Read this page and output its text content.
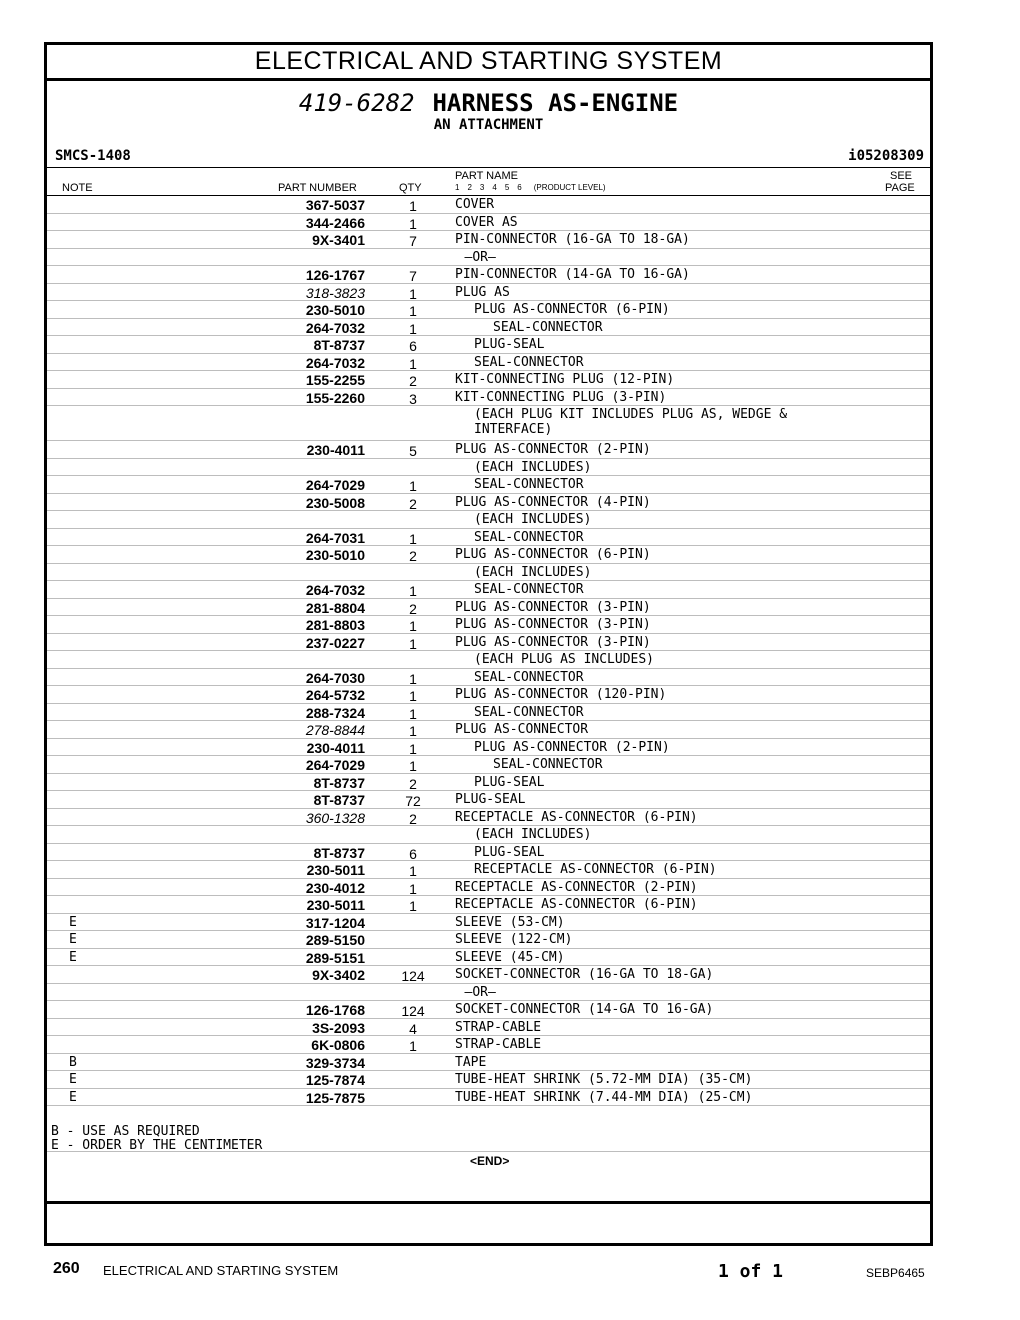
ELECTRICAL AND STARTING SYSTEM
419-6282 HARNESS AS-ENGINE
AN ATTACHMENT
SMCS-1408	i05208309
NOTE	PART NUMBER	QTY
PART NAME
1 2 3 4 5 6 (PRODUCT LEVEL)
SEE
PAGE
367-5037	1	COVER
344-2466	1	COVER AS
9X-3401	7	PIN-CONNECTOR (16-GA TO 18-GA)
—OR—
126-1767	7	PIN-CONNECTOR (14-GA TO 16-GA)
318-3823	1	PLUG AS
230-5010	1	PLUG AS-CONNECTOR (6-PIN)
264-7032	1	SEAL-CONNECTOR
8T-8737	6	PLUG-SEAL
264-7032	1	SEAL-CONNECTOR
155-2255	2	KIT-CONNECTING PLUG (12-PIN)
155-2260	3	KIT-CONNECTING PLUG (3-PIN)
(EACH PLUG KIT INCLUDES PLUG AS, WEDGE &
INTERFACE)
230-4011	5	PLUG AS-CONNECTOR (2-PIN)
(EACH INCLUDES)
264-7029	1	SEAL-CONNECTOR
230-5008	2	PLUG AS-CONNECTOR (4-PIN)
(EACH INCLUDES)
264-7031	1	SEAL-CONNECTOR
230-5010	2	PLUG AS-CONNECTOR (6-PIN)
(EACH INCLUDES)
264-7032	1	SEAL-CONNECTOR
281-8804	2	PLUG AS-CONNECTOR (3-PIN)
281-8803	1	PLUG AS-CONNECTOR (3-PIN)
237-0227	1	PLUG AS-CONNECTOR (3-PIN)
(EACH PLUG AS INCLUDES)
264-7030	1	SEAL-CONNECTOR
264-5732	1	PLUG AS-CONNECTOR (120-PIN)
288-7324	1	SEAL-CONNECTOR
278-8844	1	PLUG AS-CONNECTOR
230-4011	1	PLUG AS-CONNECTOR (2-PIN)
264-7029	1	SEAL-CONNECTOR
8T-8737	2	PLUG-SEAL
8T-8737	72	PLUG-SEAL
360-1328	2	RECEPTACLE AS-CONNECTOR (6-PIN)
(EACH INCLUDES)
8T-8737	6	PLUG-SEAL
230-5011	1	RECEPTACLE AS-CONNECTOR (6-PIN)
230-4012	1	RECEPTACLE AS-CONNECTOR (2-PIN)
230-5011	1	RECEPTACLE AS-CONNECTOR (6-PIN)
E	317-1204	SLEEVE (53-CM)
E	289-5150	SLEEVE (122-CM)
E	289-5151	SLEEVE (45-CM)
9X-3402	124	SOCKET-CONNECTOR (16-GA TO 18-GA)
—OR—
126-1768	124	SOCKET-CONNECTOR (14-GA TO 16-GA)
3S-2093	4	STRAP-CABLE
6K-0806	1	STRAP-CABLE
B	329-3734	TAPE
E	125-7874	TUBE-HEAT SHRINK (5.72-MM DIA) (35-CM)
E	125-7875	TUBE-HEAT SHRINK (7.44-MM DIA) (25-CM)
B - USE AS REQUIRED
E - ORDER BY THE CENTIMETER
<END>
260 ELECTRICAL AND STARTING SYSTEM	1 of 1	SEBP6465
